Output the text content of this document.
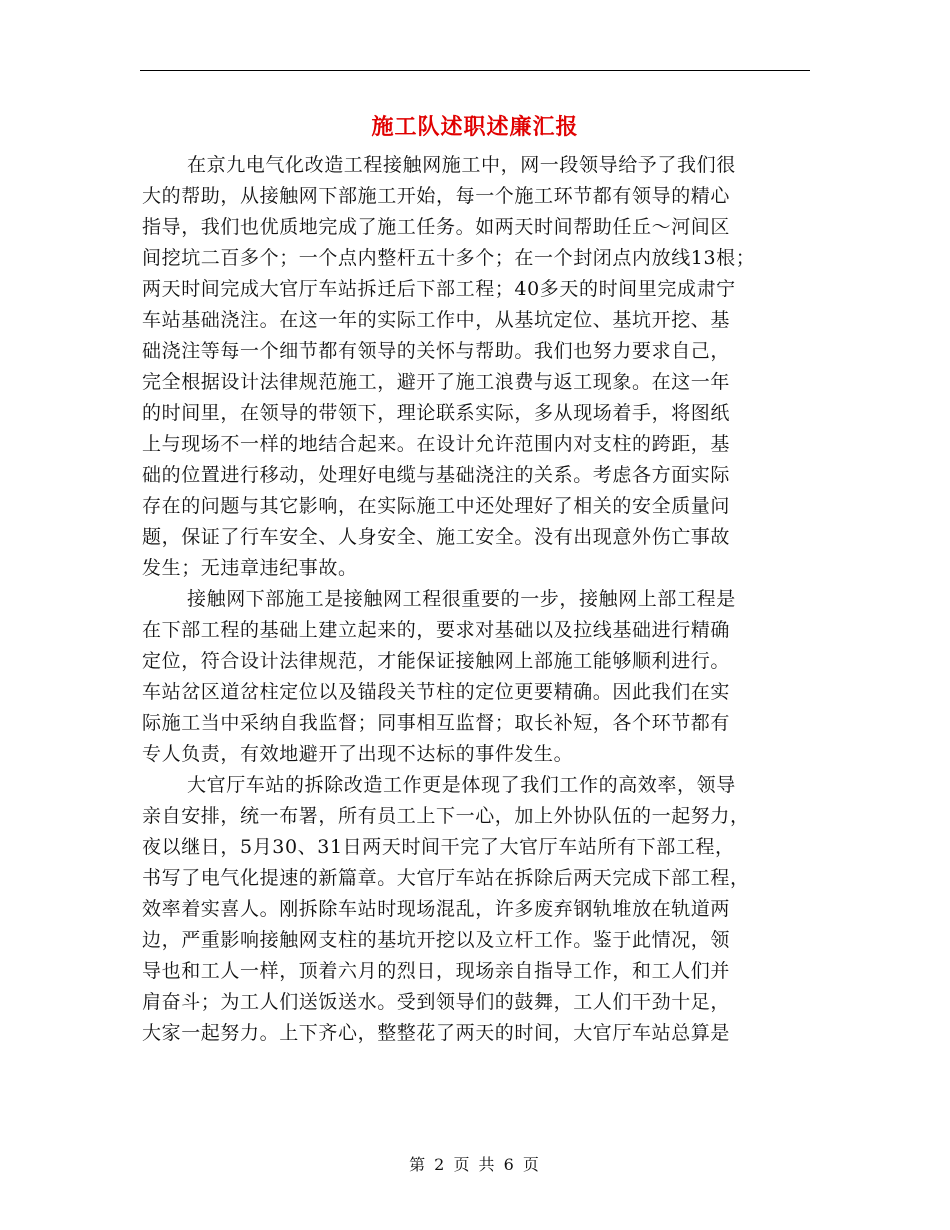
施工队述职述廉汇报
在京九电气化改造工程接触网施工中，网一段领导给予了我们很
大的帮助，从接触网下部施工开始，每一个施工环节都有领导的精心
指导，我们也优质地完成了施工任务。如两天时间帮助任丘～河间区
间挖坑二百多个；一个点内整杆五十多个；在一个封闭点内放线13根；
两天时间完成大官厅车站拆迁后下部工程；40多天的时间里完成肃宁
车站基础浇注。在这一年的实际工作中，从基坑定位、基坑开挖、基
础浇注等每一个细节都有领导的关怀与帮助。我们也努力要求自己，
完全根据设计法律规范施工，避开了施工浪费与返工现象。在这一年
的时间里，在领导的带领下，理论联系实际，多从现场着手，将图纸
上与现场不一样的地结合起来。在设计允许范围内对支柱的跨距，基
础的位置进行移动，处理好电缆与基础浇注的关系。考虑各方面实际
存在的问题与其它影响，在实际施工中还处理好了相关的安全质量问
题，保证了行车安全、人身安全、施工安全。没有出现意外伤亡事故
发生；无违章违纪事故。
接触网下部施工是接触网工程很重要的一步，接触网上部工程是
在下部工程的基础上建立起来的，要求对基础以及拉线基础进行精确
定位，符合设计法律规范，才能保证接触网上部施工能够顺利进行。
车站岔区道岔柱定位以及锚段关节柱的定位更要精确。因此我们在实
际施工当中采纳自我监督；同事相互监督；取长补短，各个环节都有
专人负责，有效地避开了出现不达标的事件发生。
大官厅车站的拆除改造工作更是体现了我们工作的高效率，领导
亲自安排，统一布署，所有员工上下一心，加上外协队伍的一起努力，
夜以继日，5月30、31日两天时间干完了大官厅车站所有下部工程，
书写了电气化提速的新篇章。大官厅车站在拆除后两天完成下部工程，
效率着实喜人。刚拆除车站时现场混乱，许多废弃钢轨堆放在轨道两
边，严重影响接触网支柱的基坑开挖以及立杆工作。鉴于此情况，领
导也和工人一样，顶着六月的烈日，现场亲自指导工作，和工人们并
肩奋斗；为工人们送饭送水。受到领导们的鼓舞，工人们干劲十足，
大家一起努力。上下齐心，整整花了两天的时间，大官厅车站总算是
第 2 页 共 6 页
